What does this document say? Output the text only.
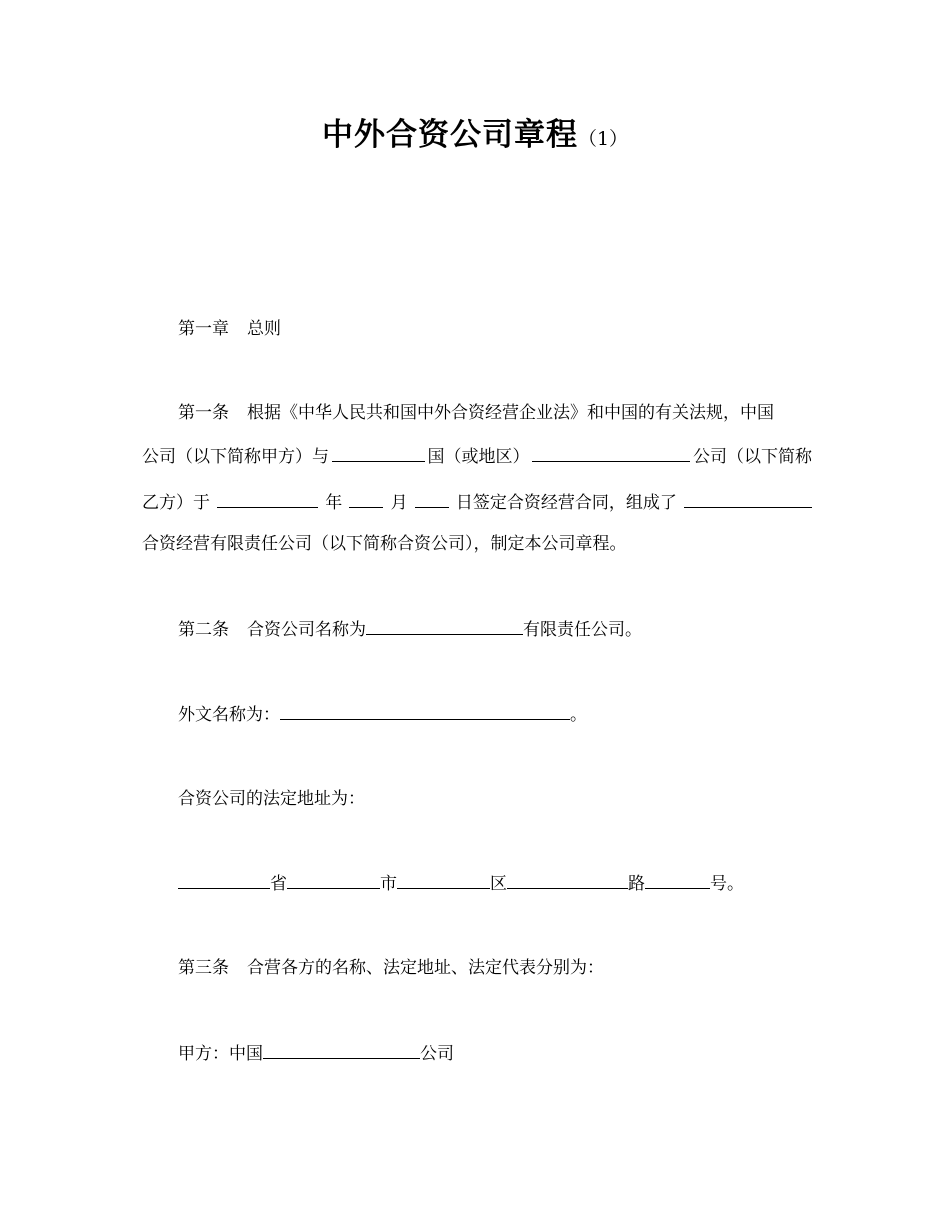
中外合资公司章程（1）
第一章 总则
第一条 根据《中华人民共和国中外合资经营企业法》和中国的有关法规，中国
公司（以下简称甲方）与	国（或地区）	公司（以下简称
乙方）于	年	月	日签定合资经营合同，组成了
合资经营有限责任公司（以下简称合资公司），制定本公司章程。
第二条 合资公司名称为	有限责任公司。
外文名称为：	。
合资公司的法定地址为：
省	市	区	路	号。
第三条 合营各方的名称、法定地址、法定代表分别为：
甲方：中国	公司
